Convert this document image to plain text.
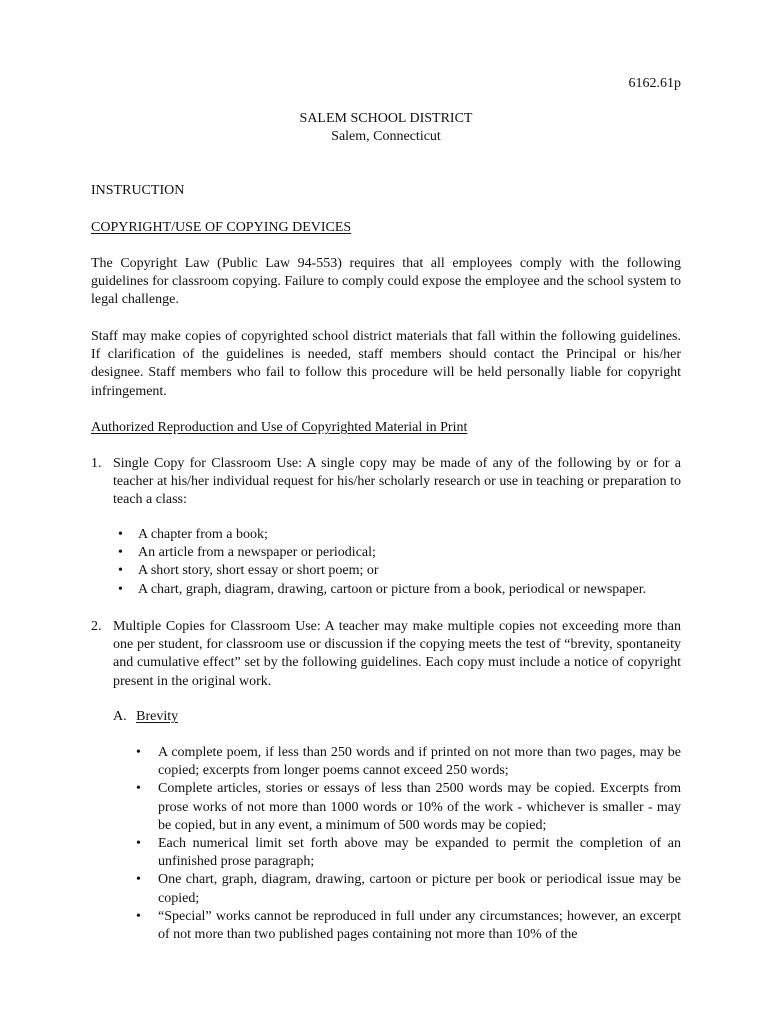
6162.61p
SALEM SCHOOL DISTRICT
Salem, Connecticut
INSTRUCTION
COPYRIGHT/USE OF COPYING DEVICES

The Copyright Law (Public Law 94-553) requires that all employees comply with the following guidelines for classroom copying. Failure to comply could expose the employee and the school system to legal challenge.

Staff may make copies of copyrighted school district materials that fall within the following guidelines. If clarification of the guidelines is needed, staff members should contact the Principal or his/her designee. Staff members who fail to follow this procedure will be held personally liable for copyright infringement.

Authorized Reproduction and Use of Copyrighted Material in Print
1. Single Copy for Classroom Use: A single copy may be made of any of the following by or for a teacher at his/her individual request for his/her scholarly research or use in teaching or preparation to teach a class:

• A chapter from a book;
• An article from a newspaper or periodical;
• A short story, short essay or short poem; or
• A chart, graph, diagram, drawing, cartoon or picture from a book, periodical or newspaper.
2. Multiple Copies for Classroom Use: A teacher may make multiple copies not exceeding more than one per student, for classroom use or discussion if the copying meets the test of “brevity, spontaneity and cumulative effect” set by the following guidelines. Each copy must include a notice of copyright present in the original work.

A. Brevity
• A complete poem, if less than 250 words and if printed on not more than two pages, may be copied; excerpts from longer poems cannot exceed 250 words;
• Complete articles, stories or essays of less than 2500 words may be copied. Excerpts from prose works of not more than 1000 words or 10% of the work - whichever is smaller - may be copied, but in any event, a minimum of 500 words may be copied;
• Each numerical limit set forth above may be expanded to permit the completion of an unfinished prose paragraph;
• One chart, graph, diagram, drawing, cartoon or picture per book or periodical issue may be copied;
• “Special” works cannot be reproduced in full under any circumstances; however, an excerpt of not more than two published pages containing not more than 10% of the
